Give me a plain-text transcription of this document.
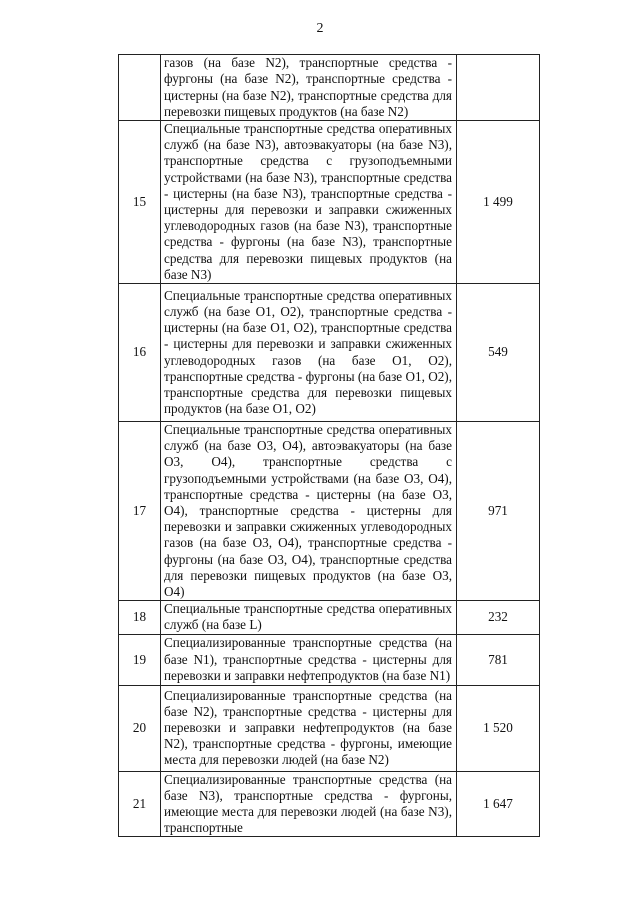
2
	газов (на базе N2), транспортные средства - фургоны (на базе N2), транспортные средства - цистерны (на базе N2), транспортные средства для перевозки пищевых продуктов (на базе N2)	
15	Специальные транспортные средства оперативных служб (на базе N3), автоэвакуаторы (на базе N3), транспортные средства с грузоподъемными устройствами (на базе N3), транспортные средства - цистерны (на базе N3), транспортные средства - цистерны для перевозки и заправки сжиженных углеводородных газов (на базе N3), транспортные средства - фургоны (на базе N3), транспортные средства для перевозки пищевых продуктов (на базе N3)	1 499
16	Специальные транспортные средства оперативных служб (на базе O1, O2), транспортные средства - цистерны (на базе O1, O2), транспортные средства - цистерны для перевозки и заправки сжиженных углеводородных газов (на базе O1, O2), транспортные средства - фургоны (на базе O1, O2), транспортные средства для перевозки пищевых продуктов (на базе O1, O2)	549
17	Специальные транспортные средства оперативных служб (на базе O3, O4), автоэвакуаторы (на базе O3, O4), транспортные средства с грузоподъемными устройствами (на базе O3, O4), транспортные средства - цистерны (на базе O3, O4), транспортные средства - цистерны для перевозки и заправки сжиженных углеводородных газов (на базе O3, O4), транспортные средства - фургоны (на базе O3, O4), транспортные средства для перевозки пищевых продуктов (на базе O3, O4)	971
18	Специальные транспортные средства оперативных служб (на базе L)	232
19	Специализированные транспортные средства (на базе N1), транспортные средства - цистерны для перевозки и заправки нефтепродуктов (на базе N1)	781
20	Специализированные транспортные средства (на базе N2), транспортные средства - цистерны для перевозки и заправки нефтепродуктов (на базе N2), транспортные средства - фургоны, имеющие места для перевозки людей (на базе N2)	1 520
21	Специализированные транспортные средства (на базе N3), транспортные средства - фургоны, имеющие места для перевозки людей (на базе N3), транспортные	1 647
